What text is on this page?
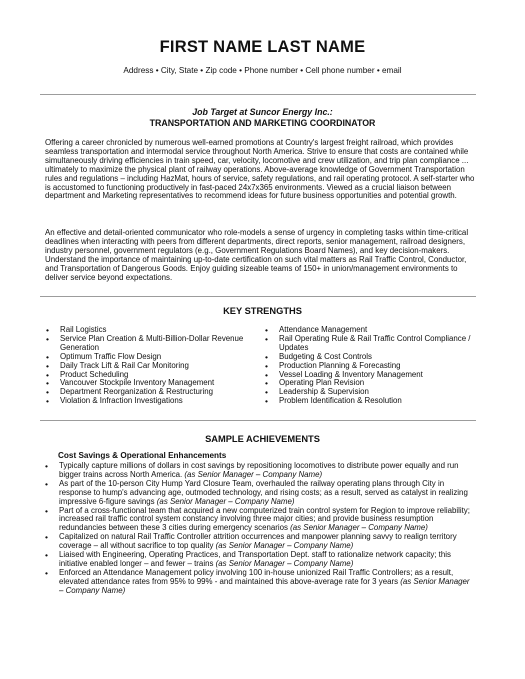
FIRST NAME LAST NAME
Address • City, State • Zip code • Phone number • Cell phone number • email
Job Target at Suncor Energy Inc.:
TRANSPORTATION AND MARKETING COORDINATOR

Offering a career chronicled by numerous well-earned promotions at Country's largest freight railroad, which provides seamless transportation and intermodal service throughout North America. Strive to ensure that costs are contained while simultaneously driving efficiencies in train speed, car, velocity, locomotive and crew utilization, and trip plan compliance ... ultimately to maximize the physical plant of railway operations. Above-average knowledge of Government Transportation rules and regulations – including HazMat, hours of service, safety regulations, and rail operating protocol. A self-starter who is accustomed to functioning productively in fast-paced 24x7x365 environments. Viewed as a crucial liaison between department and Marketing representatives to recommend ideas for future business opportunities and potential growth.

An effective and detail-oriented communicator who role-models a sense of urgency in completing tasks within time-critical deadlines when interacting with peers from different departments, direct reports, senior management, railroad designers, industry personnel, government regulators (e.g., Government Regulations Board Names), and key decision-makers. Understand the importance of maintaining up-to-date certification on such vital matters as Rail Traffic Control, Conductor, and Transportation of Dangerous Goods. Enjoy guiding sizeable teams of 150+ in union/management environments to deliver service beyond expectations.

KEY STRENGTHS
• Rail Logistics
• Service Plan Creation & Multi-Billion-Dollar Revenue Generation
• Optimum Traffic Flow Design
• Daily Track Lift & Rail Car Monitoring
• Product Scheduling
• Vancouver Stockpile Inventory Management
• Department Reorganization & Restructuring
• Violation & Infraction Investigations
• Attendance Management
• Rail Operating Rule & Rail Traffic Control Compliance / Updates
• Budgeting & Cost Controls
• Production Planning & Forecasting
• Vessel Loading & Inventory Management
• Operating Plan Revision
• Leadership & Supervision
• Problem Identification & Resolution
SAMPLE ACHIEVEMENTS
Cost Savings & Operational Enhancements
• Typically capture millions of dollars in cost savings by repositioning locomotives to distribute power equally and run bigger trains across North America. (as Senior Manager – Company Name)
• As part of the 10-person City Hump Yard Closure Team, overhauled the railway operating plans through City in response to hump's advancing age, outmoded technology, and rising costs; as a result, served as catalyst in realizing impressive 6-figure savings (as Senior Manager – Company Name)
• Part of a cross-functional team that acquired a new computerized train control system for Region to improve reliability; increased rail traffic control system constancy involving three major cities; and provide business resumption redundancies between these 3 cities during emergency scenarios (as Senior Manager – Company Name)
• Capitalized on natural Rail Traffic Controller attrition occurrences and manpower planning savvy to realign territory coverage – all without sacrifice to top quality (as Senior Manager – Company Name)
• Liaised with Engineering, Operating Practices, and Transportation Dept. staff to rationalize network capacity; this initiative enabled longer – and fewer – trains (as Senior Manager – Company Name)
• Enforced an Attendance Management policy involving 100 in-house unionized Rail Traffic Controllers; as a result, elevated attendance rates from 95% to 99% - and maintained this above-average rate for 3 years (as Senior Manager – Company Name)
